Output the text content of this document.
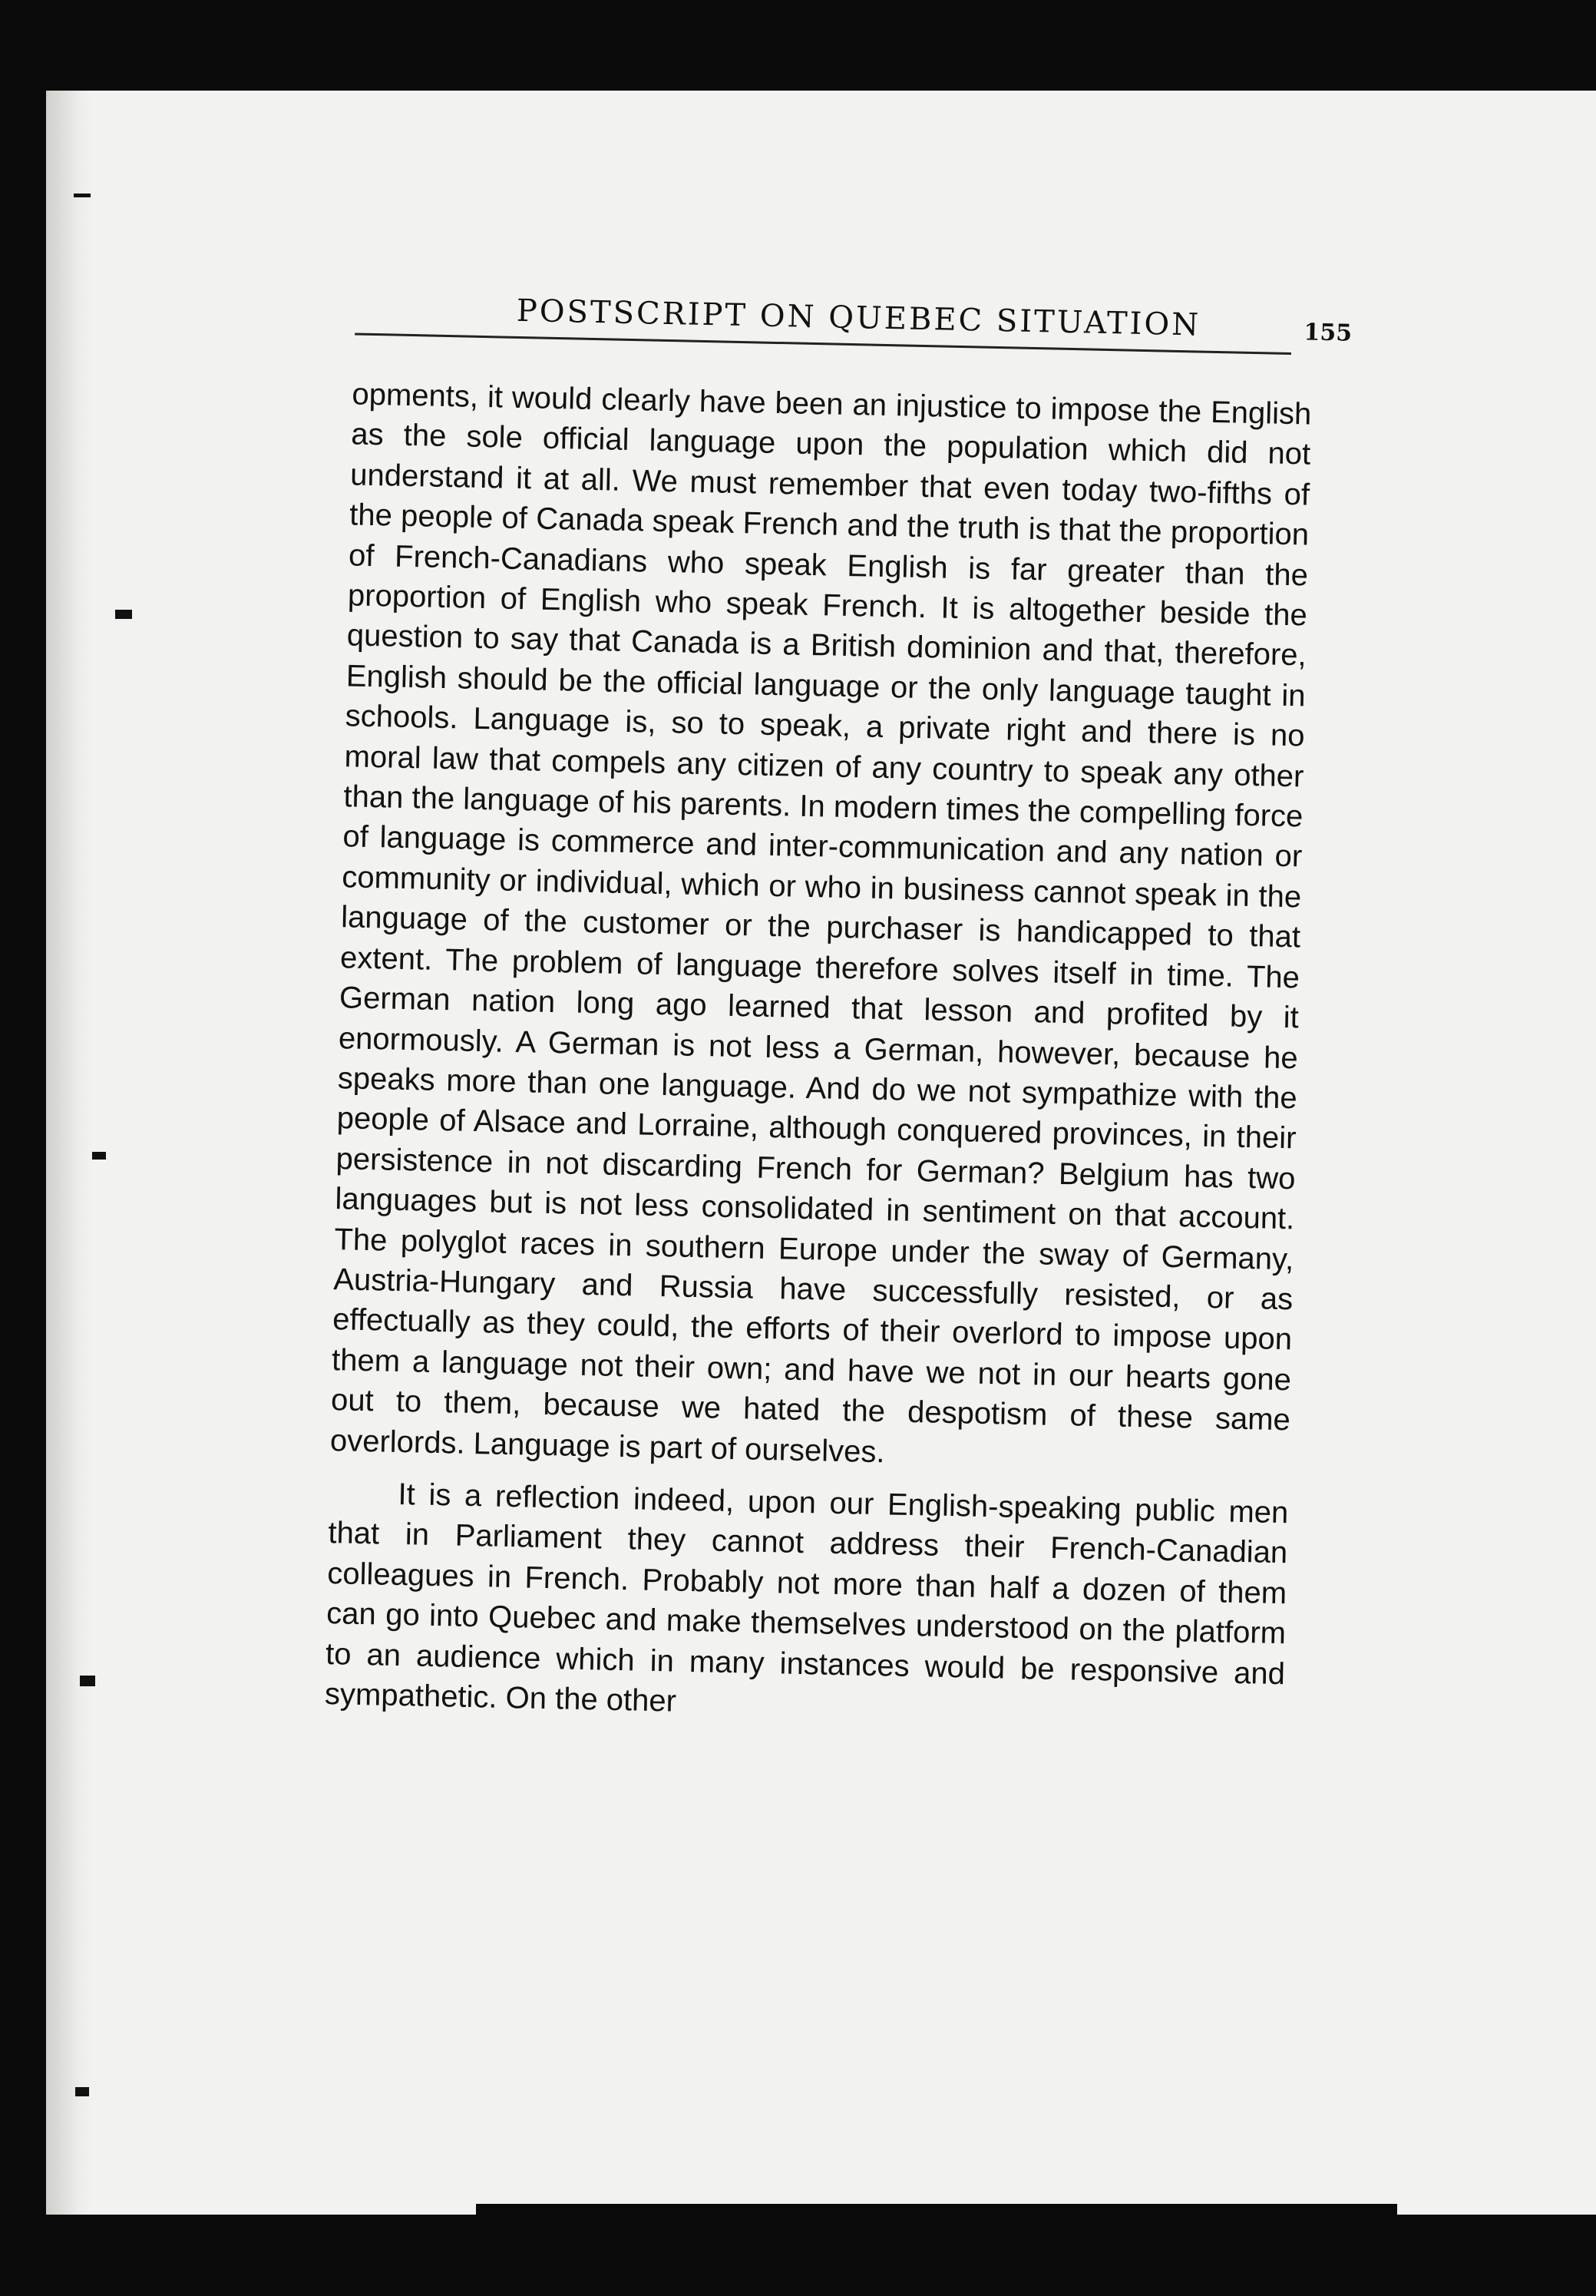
POSTSCRIPT ON QUEBEC SITUATION	155

opments, it would clearly have been an injustice to impose the English as the sole official language upon the population which did not understand it at all. We must remember that even today two-fifths of the people of Canada speak French and the truth is that the proportion of French-Canadians who speak English is far greater than the proportion of English who speak French. It is altogether beside the question to say that Canada is a British dominion and that, therefore, English should be the official language or the only language taught in schools. Language is, so to speak, a private right and there is no moral law that compels any citizen of any country to speak any other than the language of his parents. In modern times the compelling force of language is commerce and inter-communication and any nation or community or individual, which or who in business cannot speak in the language of the customer or the purchaser is handicapped to that extent. The problem of language therefore solves itself in time. The German nation long ago learned that lesson and profited by it enormously. A German is not less a German, however, because he speaks more than one language. And do we not sympathize with the people of Alsace and Lorraine, although conquered provinces, in their persistence in not discarding French for German? Belgium has two languages but is not less consolidated in sentiment on that account. The polyglot races in southern Europe under the sway of Germany, Austria-Hungary and Russia have successfully resisted, or as effectually as they could, the efforts of their overlord to impose upon them a language not their own; and have we not in our hearts gone out to them, because we hated the despotism of these same overlords. Language is part of ourselves.

It is a reflection indeed, upon our English-speaking public men that in Parliament they cannot address their French-Canadian colleagues in French. Probably not more than half a dozen of them can go into Quebec and make themselves understood on the platform to an audience which in many instances would be responsive and sympathetic. On the other
